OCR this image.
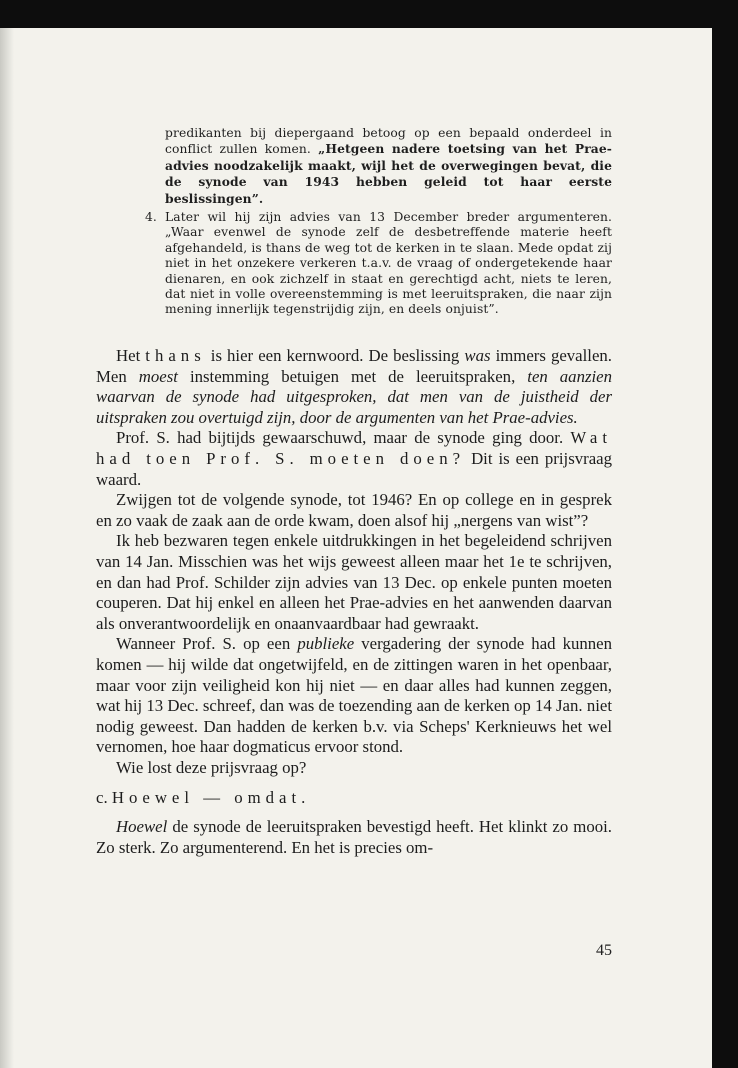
predikanten bij diepergaand betoog op een bepaald onderdeel in conflict zullen komen. „Hetgeen nadere toetsing van het Prae-advies noodzakelijk maakt, wijl het de overwegingen bevat, die de synode van 1943 hebben geleid tot haar eerste beslissingen”.

4. Later wil hij zijn advies van 13 December breder argumenteren. „Waar evenwel de synode zelf de desbetreffende materie heeft afgehandeld, is thans de weg tot de kerken in te slaan. Mede opdat zij niet in het onzekere verkeren t.a.v. de vraag of ondergetekende haar dienaren, en ook zichzelf in staat en gerechtigd acht, niets te leren, dat niet in volle overeenstemming is met leeruitspraken, die naar zijn mening innerlijk tegenstrijdig zijn, en deels onjuist”.

Het thans is hier een kernwoord. De beslissing was immers gevallen. Men moest instemming betuigen met de leeruitspraken, ten aanzien waarvan de synode had uitgesproken, dat men van de juistheid der uitspraken zou overtuigd zijn, door de argumenten van het Prae-advies.

Prof. S. had bijtijds gewaarschuwd, maar de synode ging door. Wat had toen Prof. S. moeten doen? Dit is een prijsvraag waard.

Zwijgen tot de volgende synode, tot 1946? En op college en in gesprek en zo vaak de zaak aan de orde kwam, doen alsof hij „nergens van wist”?

Ik heb bezwaren tegen enkele uitdrukkingen in het begeleidend schrijven van 14 Jan. Misschien was het wijs geweest alleen maar het 1e te schrijven, en dan had Prof. Schilder zijn advies van 13 Dec. op enkele punten moeten couperen. Dat hij enkel en alleen het Prae-advies en het aanwenden daarvan als onverantwoordelijk en onaanvaardbaar had gewraakt.

Wanneer Prof. S. op een publieke vergadering der synode had kunnen komen — hij wilde dat ongetwijfeld, en de zittingen waren in het openbaar, maar voor zijn veiligheid kon hij niet — en daar alles had kunnen zeggen, wat hij 13 Dec. schreef, dan was de toezending aan de kerken op 14 Jan. niet nodig geweest. Dan hadden de kerken b.v. via Scheps' Kerknieuws het wel vernomen, hoe haar dogmaticus ervoor stond.

Wie lost deze prijsvraag op?

c. Hoewel — omdat.

Hoewel de synode de leeruitspraken bevestigd heeft. Het klinkt zo mooi. Zo sterk. Zo argumenterend. En het is precies om-

45
